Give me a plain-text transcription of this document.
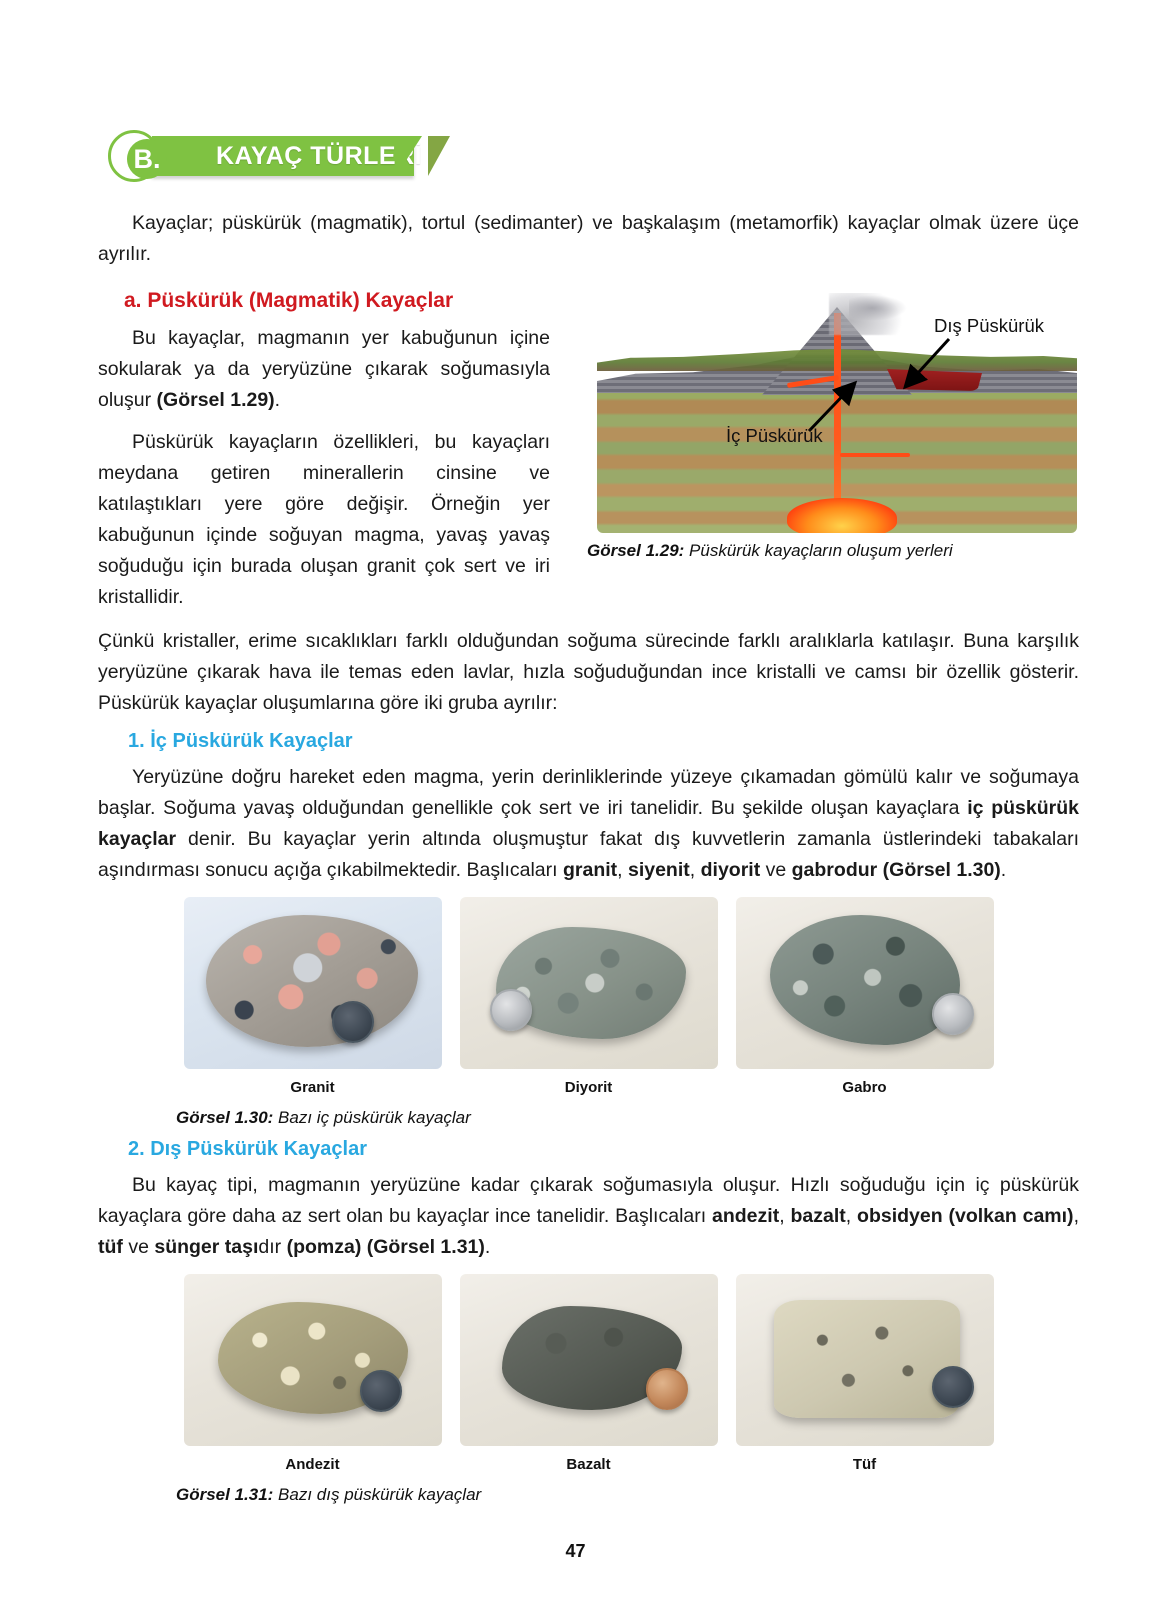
KAYAÇ TÜRLERİ
B.

Kayaçlar; püskürük (magmatik), tortul (sedimanter) ve başkalaşım (metamorfik) kayaçlar olmak üzere üçe ayrılır.

a. Püskürük (Magmatik) Kayaçlar

Bu kayaçlar, magmanın yer kabuğunun içine sokularak ya da yeryüzüne çıkarak soğumasıyla oluşur (Görsel 1.29).

Püskürük kayaçların özellikleri, bu kayaçları meydana getiren minerallerin cinsine ve katılaştıkları yere göre değişir. Örneğin yer kabuğunun içinde soğuyan magma, yavaş yavaş soğuduğu için burada oluşan granit çok sert ve iri kristallidir.

Dış Püskürük
İç Püskürük
Görsel 1.29: Püskürük kayaçların oluşum yerleri

Çünkü kristaller, erime sıcaklıkları farklı olduğundan soğuma sürecinde farklı aralıklarla katılaşır. Buna karşılık yeryüzüne çıkarak hava ile temas eden lavlar, hızla soğuduğundan ince kristalli ve camsı bir özellik gösterir. Püskürük kayaçlar oluşumlarına göre iki gruba ayrılır:

1. İç Püskürük Kayaçlar

Yeryüzüne doğru hareket eden magma, yerin derinliklerinde yüzeye çıkamadan gömülü kalır ve soğumaya başlar. Soğuma yavaş olduğundan genellikle çok sert ve iri tanelidir. Bu şekilde oluşan kayaçlara iç püskürük kayaçlar denir. Bu kayaçlar yerin altında oluşmuştur fakat dış kuvvetlerin zamanla üstlerindeki tabakaları aşındırması sonucu açığa çıkabilmektedir. Başlıcaları granit, siyenit, diyorit ve gabrodur (Görsel 1.30).

Granit	Diyorit	Gabro
Görsel 1.30: Bazı iç püskürük kayaçlar
2. Dış Püskürük Kayaçlar

Bu kayaç tipi, magmanın yeryüzüne kadar çıkarak soğumasıyla oluşur. Hızlı soğuduğu için iç püskürük kayaçlara göre daha az sert olan bu kayaçlar ince tanelidir. Başlıcaları andezit, bazalt, obsidyen (volkan camı), tüf ve sünger taşıdır (pomza) (Görsel 1.31).

Andezit	Bazalt	Tüf
Görsel 1.31: Bazı dış püskürük kayaçlar
47
